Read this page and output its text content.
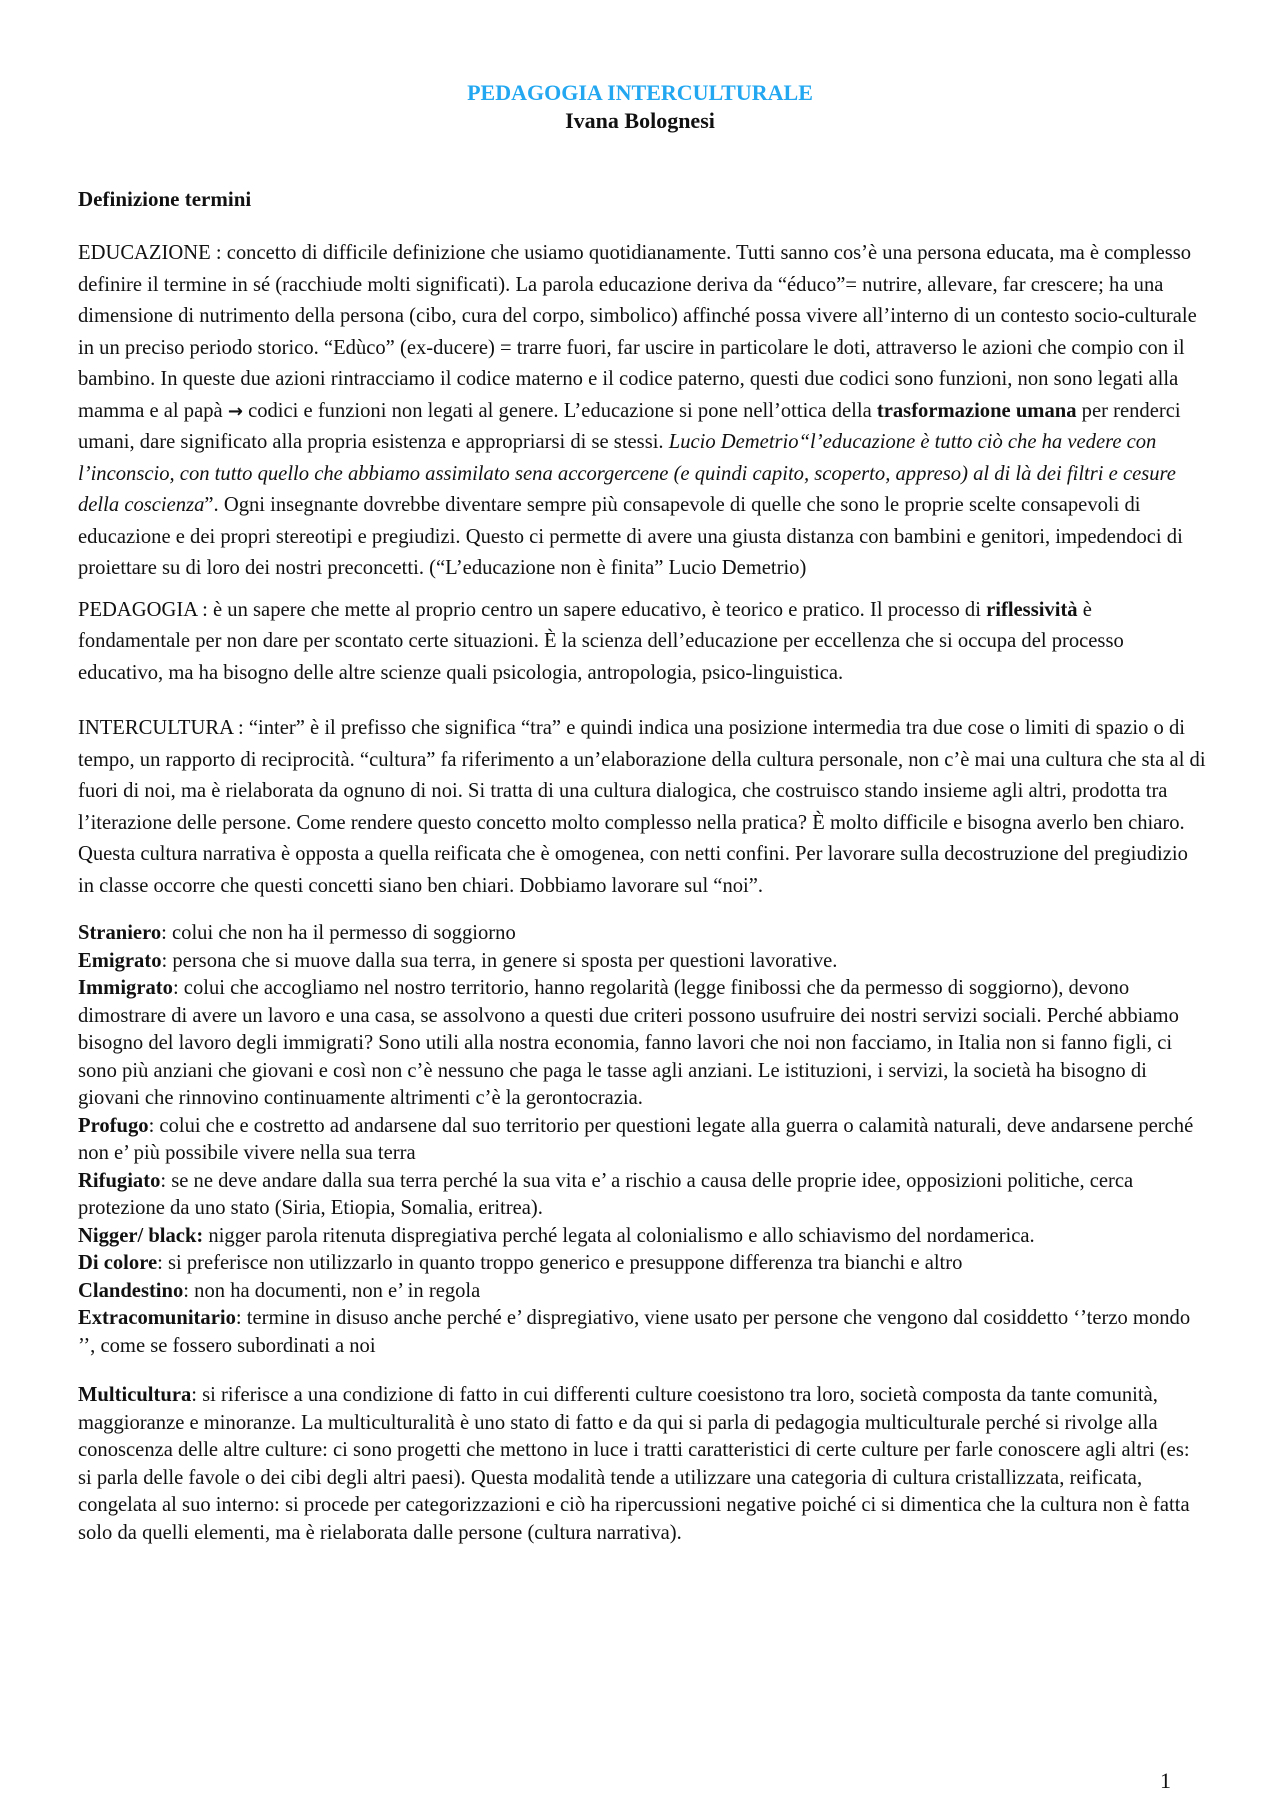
PEDAGOGIA INTERCULTURALE
Ivana Bolognesi
Definizione termini

EDUCAZIONE : concetto di difficile definizione che usiamo quotidianamente. Tutti sanno cos’è una persona educata, ma è complesso definire il termine in sé (racchiude molti significati). La parola educazione deriva da “éduco”= nutrire, allevare, far crescere; ha una dimensione di nutrimento della persona (cibo, cura del corpo, simbolico) affinché possa vivere all’interno di un contesto socio-culturale in un preciso periodo storico. “Edùco” (ex-ducere) = trarre fuori, far uscire in particolare le doti, attraverso le azioni che compio con il bambino. In queste due azioni rintracciamo il codice materno e il codice paterno, questi due codici sono funzioni, non sono legati alla mamma e al papà → codici e funzioni non legati al genere. L’educazione si pone nell’ottica della trasformazione umana per renderci umani, dare significato alla propria esistenza e appropriarsi di se stessi. Lucio Demetrio“l’educazione è tutto ciò che ha vedere con l’inconscio, con tutto quello che abbiamo assimilato sena accorgercene (e quindi capito, scoperto, appreso) al di là dei filtri e cesure della coscienza”. Ogni insegnante dovrebbe diventare sempre più consapevole di quelle che sono le proprie scelte consapevoli di educazione e dei propri stereotipi e pregiudizi. Questo ci permette di avere una giusta distanza con bambini e genitori, impedendoci di proiettare su di loro dei nostri preconcetti. (“L’educazione non è finita” Lucio Demetrio)

PEDAGOGIA : è un sapere che mette al proprio centro un sapere educativo, è teorico e pratico. Il processo di riflessività è fondamentale per non dare per scontato certe situazioni. È la scienza dell’educazione per eccellenza che si occupa del processo educativo, ma ha bisogno delle altre scienze quali psicologia, antropologia, psico-linguistica.

INTERCULTURA : “inter” è il prefisso che significa “tra” e quindi indica una posizione intermedia tra due cose o limiti di spazio o di tempo, un rapporto di reciprocità. “cultura” fa riferimento a un’elaborazione della cultura personale, non c’è mai una cultura che sta al di fuori di noi, ma è rielaborata da ognuno di noi. Si tratta di una cultura dialogica, che costruisco stando insieme agli altri, prodotta tra l’iterazione delle persone. Come rendere questo concetto molto complesso nella pratica? È molto difficile e bisogna averlo ben chiaro. Questa cultura narrativa è opposta a quella reificata che è omogenea, con netti confini. Per lavorare sulla decostruzione del pregiudizio in classe occorre che questi concetti siano ben chiari. Dobbiamo lavorare sul “noi”.

Straniero: colui che non ha il permesso di soggiorno

Emigrato: persona che si muove dalla sua terra, in genere si sposta per questioni lavorative.

Immigrato: colui che accogliamo nel nostro territorio, hanno regolarità (legge finibossi che da permesso di soggiorno), devono dimostrare di avere un lavoro e una casa, se assolvono a questi due criteri possono usufruire dei nostri servizi sociali. Perché abbiamo bisogno del lavoro degli immigrati? Sono utili alla nostra economia, fanno lavori che noi non facciamo, in Italia non si fanno figli, ci sono più anziani che giovani e così non c’è nessuno che paga le tasse agli anziani. Le istituzioni, i servizi, la società ha bisogno di giovani che rinnovino continuamente altrimenti c’è la gerontocrazia.

Profugo: colui che e costretto ad andarsene dal suo territorio per questioni legate alla guerra o calamità naturali, deve andarsene perché non e’ più possibile vivere nella sua terra

Rifugiato: se ne deve andare dalla sua terra perché la sua vita e’ a rischio a causa delle proprie idee, opposizioni politiche, cerca protezione da uno stato (Siria, Etiopia, Somalia, eritrea).

Nigger/ black: nigger parola ritenuta dispregiativa perché legata al colonialismo e allo schiavismo del nordamerica.

Di colore: si preferisce non utilizzarlo in quanto troppo generico e presuppone differenza tra bianchi e altro

Clandestino: non ha documenti, non e’ in regola

Extracomunitario: termine in disuso anche perché e’ dispregiativo, viene usato per persone che vengono dal cosiddetto ‘’terzo mondo ’’, come se fossero subordinati a noi

Multicultura: si riferisce a una condizione di fatto in cui differenti culture coesistono tra loro, società composta da tante comunità, maggioranze e minoranze. La multiculturalità è uno stato di fatto e da qui si parla di pedagogia multiculturale perché si rivolge alla conoscenza delle altre culture: ci sono progetti che mettono in luce i tratti caratteristici di certe culture per farle conoscere agli altri (es: si parla delle favole o dei cibi degli altri paesi). Questa modalità tende a utilizzare una categoria di cultura cristallizzata, reificata, congelata al suo interno: si procede per categorizzazioni e ciò ha ripercussioni negative poiché ci si dimentica che la cultura non è fatta solo da quelli elementi, ma è rielaborata dalle persone (cultura narrativa).

1
